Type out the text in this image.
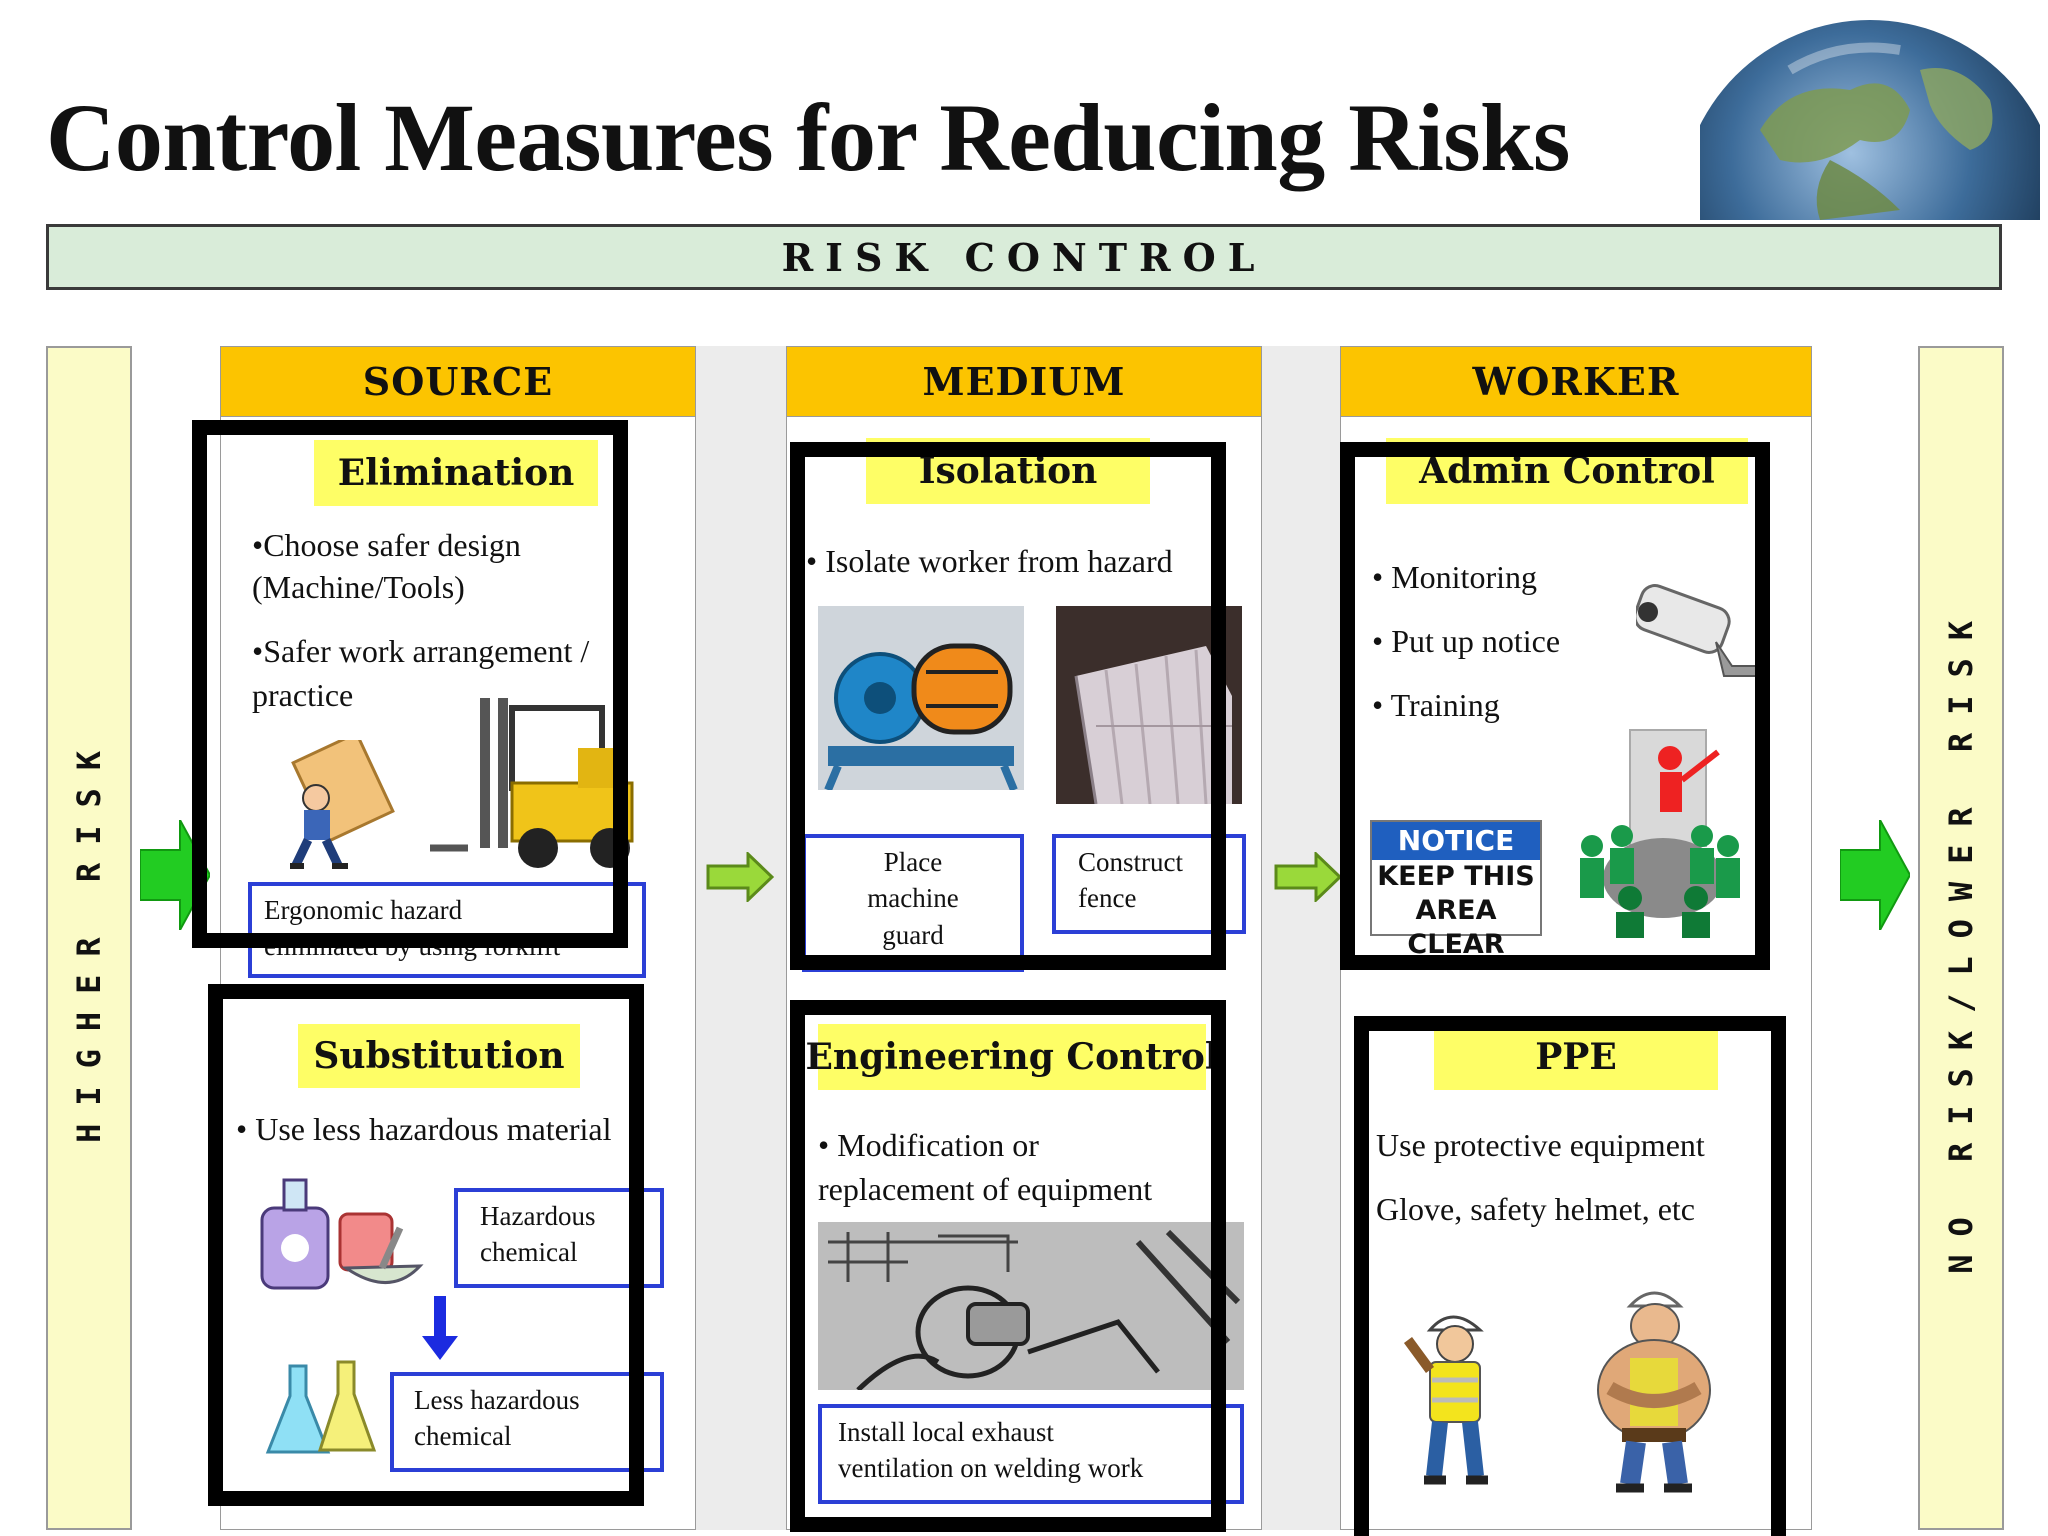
Control Measures for Reducing Risks
RISK CONTROL
HIGHER RISK	NO RISK/LOWER RISK
SOURCE	MEDIUM	WORKER
Elimination
•Choose safer design
(Machine/Tools)
•Safer work arrangement /
practice
Ergonomic hazard
eliminated by using forklift
Substitution
• Use less hazardous material
Hazardous
chemical
Less hazardous
chemical
Isolation
• Isolate worker from hazard
Place
machine
guard
Construct
fence
Engineering Control
• Modification or
replacement of equipment
Install local exhaust
ventilation on welding work
Admin Control
• Monitoring
• Put up notice
• Training
NOTICE
KEEP THIS
AREA CLEAR
PPE
Use protective equipment
Glove, safety helmet, etc
